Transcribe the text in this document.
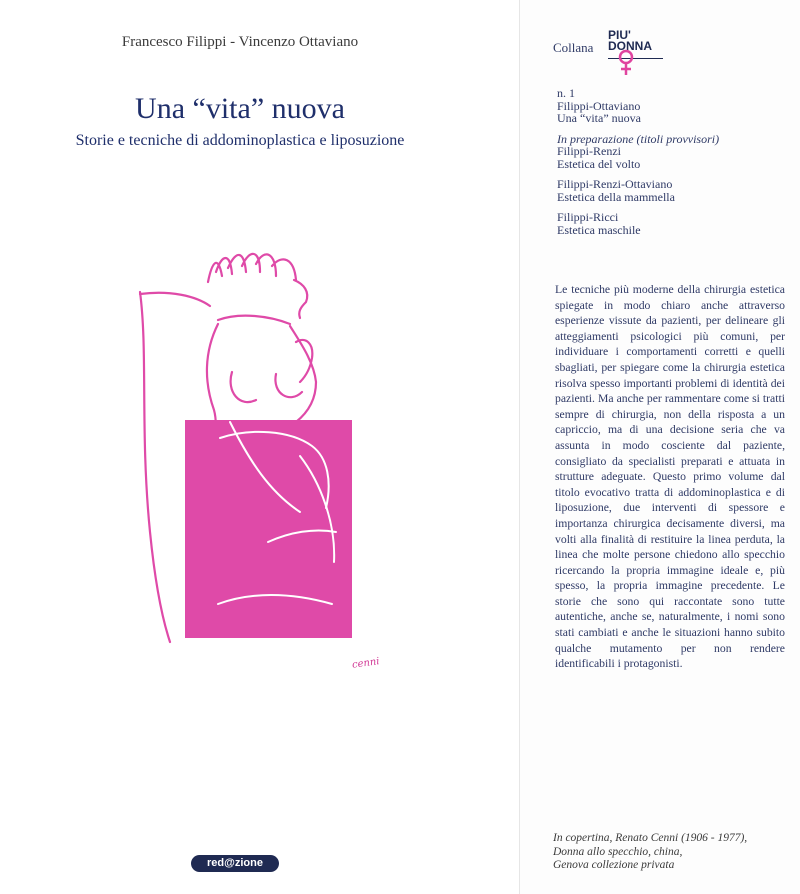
Francesco Filippi - Vincenzo Ottaviano
Una “vita” nuova
Storie e tecniche di addominoplastica e liposuzione
cenni
red@zione
Collana
PIU'
DONNA
n. 1
Filippi-Ottaviano
Una “vita” nuova
In preparazione (titoli provvisori)
Filippi-Renzi
Estetica del volto
Filippi-Renzi-Ottaviano
Estetica della mammella
Filippi-Ricci
Estetica maschile
Le tecniche più moderne della chirurgia estetica spiegate in modo chiaro anche attraverso esperienze vissute da pazienti, per delineare gli atteggiamenti psicologici più comuni, per individuare i comportamenti corretti e quelli sbagliati, per spiegare come la chirurgia estetica risolva spesso importanti problemi di identità dei pazienti. Ma anche per rammentare come si tratti sempre di chirurgia, non della risposta a un capriccio, ma di una decisione seria che va assunta in modo cosciente dal paziente, consigliato da specialisti preparati e attuata in strutture adeguate. Questo primo volume dal titolo evocativo tratta di addominoplastica e di liposuzione, due interventi di spessore e importanza chirurgica decisamente diversi, ma volti alla finalità di restituire la linea perduta, la linea che molte persone chiedono allo specchio ricercando la propria immagine ideale e, più spesso, la propria immagine precedente. Le storie che sono qui raccontate sono tutte autentiche, anche se, naturalmente, i nomi sono stati cambiati e anche le situazioni hanno subito qualche mutamento per non rendere identificabili i protagonisti.
In copertina, Renato Cenni (1906 - 1977),
Donna allo specchio, china,
Genova collezione privata
